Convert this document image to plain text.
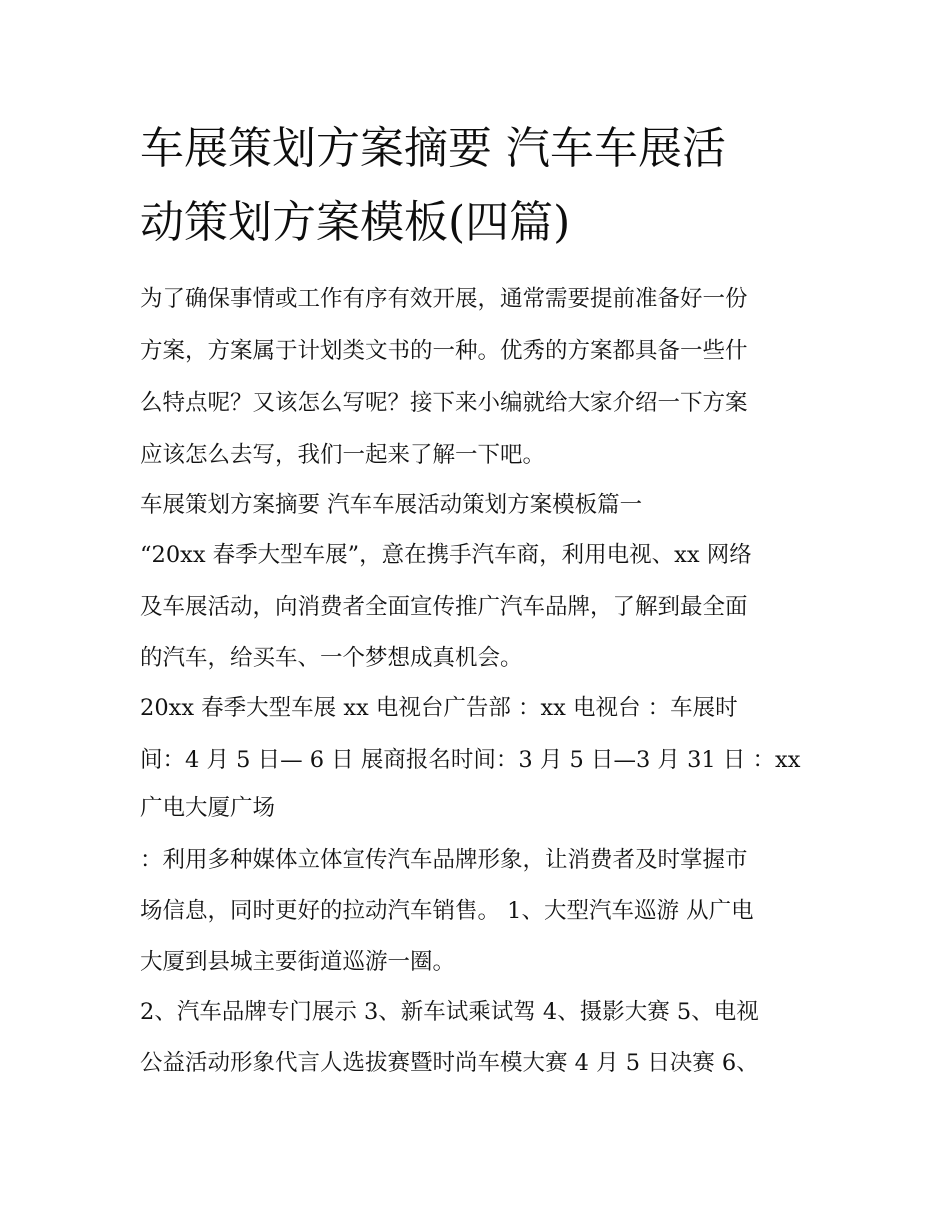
车展策划方案摘要 汽车车展活
动策划方案模板(四篇)
为了确保事情或工作有序有效开展，通常需要提前准备好一份
方案，方案属于计划类文书的一种。优秀的方案都具备一些什
么特点呢？又该怎么写呢？接下来小编就给大家介绍一下方案
应该怎么去写，我们一起来了解一下吧。
车展策划方案摘要 汽车车展活动策划方案模板篇一
“20xx 春季大型车展”，意在携手汽车商，利用电视、xx 网络
及车展活动，向消费者全面宣传推广汽车品牌，了解到最全面
的汽车，给买车、一个梦想成真机会。
20xx 春季大型车展 xx 电视台广告部 ：xx 电视台 ：车展时
间：4 月 5 日— 6 日 展商报名时间：3 月 5 日—3 月 31 日 ：xx
广电大厦广场
：利用多种媒体立体宣传汽车品牌形象，让消费者及时掌握市
场信息，同时更好的拉动汽车销售。 1、大型汽车巡游 从广电
大厦到县城主要街道巡游一圈。
2、汽车品牌专门展示 3、新车试乘试驾 4、摄影大赛 5、电视
公益活动形象代言人选拔赛暨时尚车模大赛 4 月 5 日决赛 6、
